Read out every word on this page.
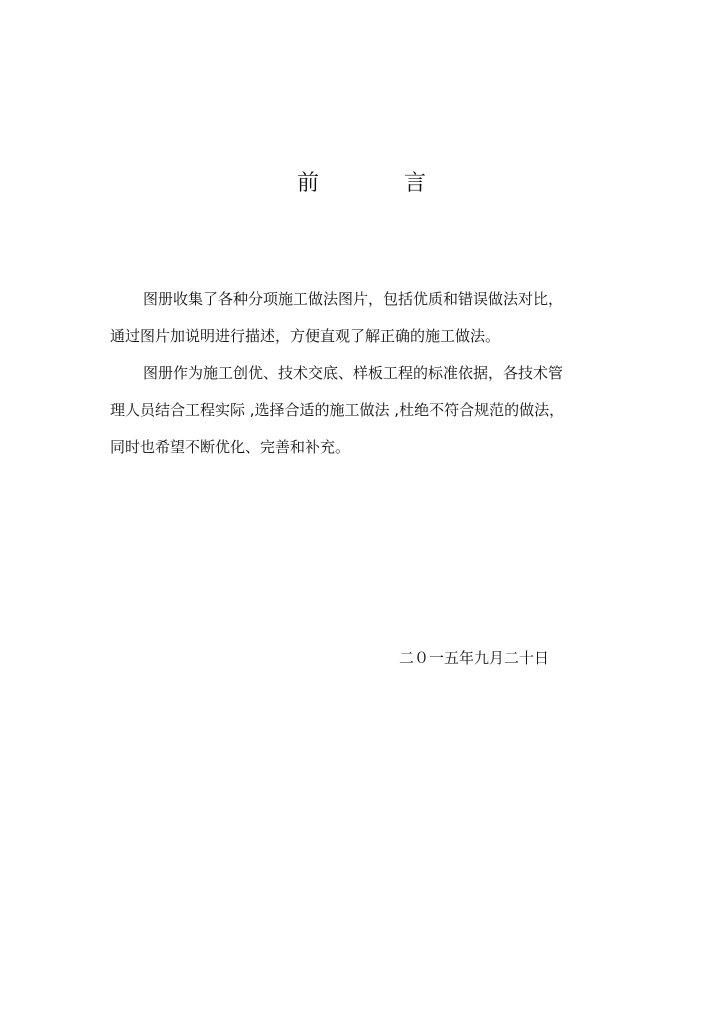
前	言
图册收集了各种分项施工做法图片，包括优质和错误做法对比，
通过图片加说明进行描述，方便直观了解正确的施工做法。
图册作为施工创优、技术交底、样板工程的标准依据，各技术管
理人员结合工程实际 ,选择合适的施工做法 ,杜绝不符合规范的做法，
同时也希望不断优化、完善和补充。
二０一五年九月二十日
